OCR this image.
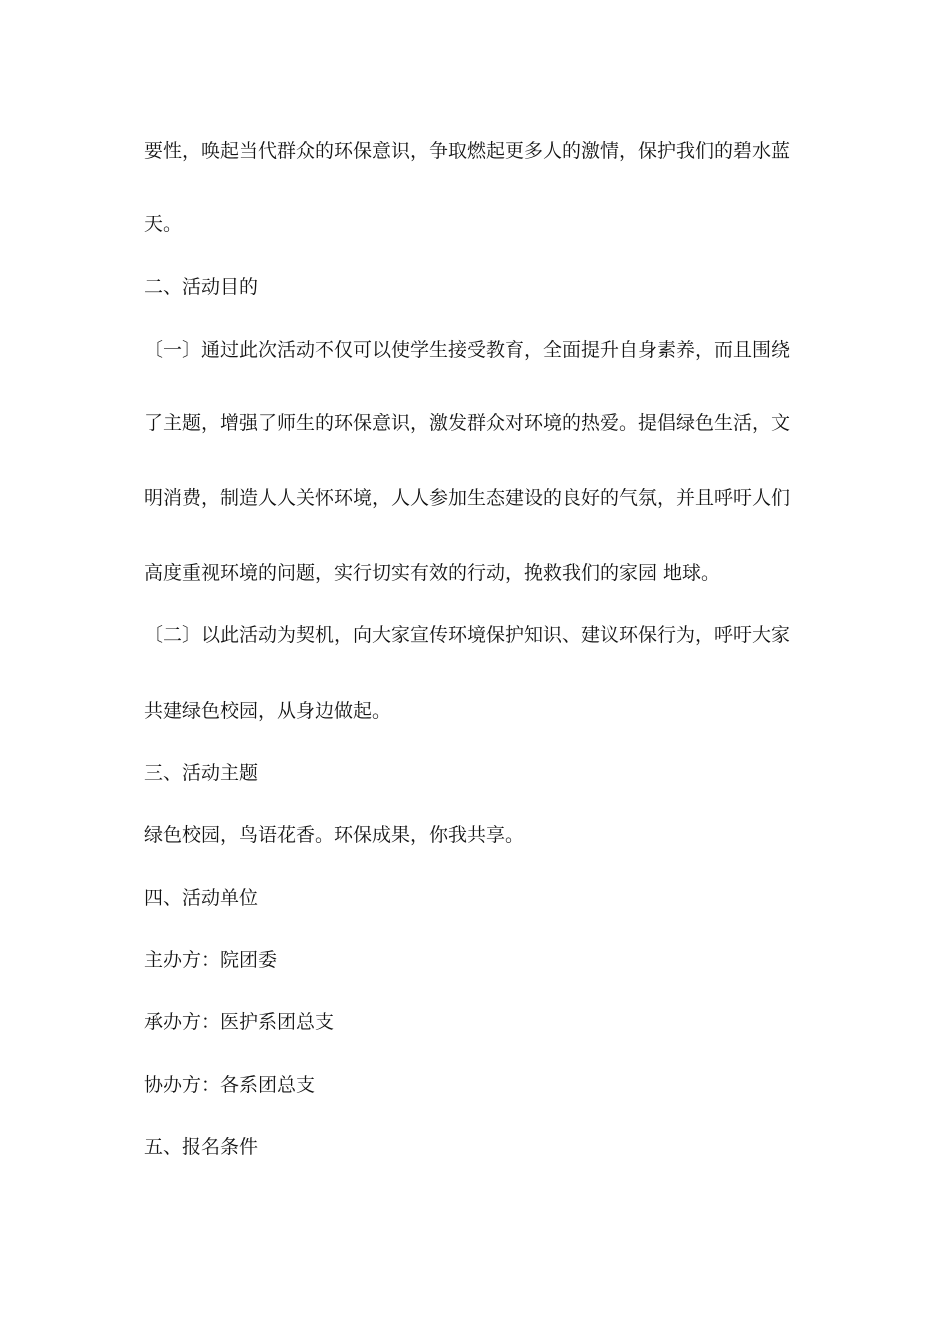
要性，唤起当代群众的环保意识，争取燃起更多人的激情，保护我们的碧水蓝
天。
二、活动目的
〔一〕通过此次活动不仅可以使学生接受教育，全面提升自身素养，而且围绕
了主题，增强了师生的环保意识，激发群众对环境的热爱。提倡绿色生活，文
明消费，制造人人关怀环境，人人参加生态建设的良好的气氛，并且呼吁人们
高度重视环境的问题，实行切实有效的行动，挽救我们的家园 地球。
〔二〕以此活动为契机，向大家宣传环境保护知识、建议环保行为，呼吁大家
共建绿色校园，从身边做起。
三、活动主题
绿色校园，鸟语花香。环保成果，你我共享。
四、活动单位
主办方：院团委
承办方：医护系团总支
协办方：各系团总支
五、报名条件
